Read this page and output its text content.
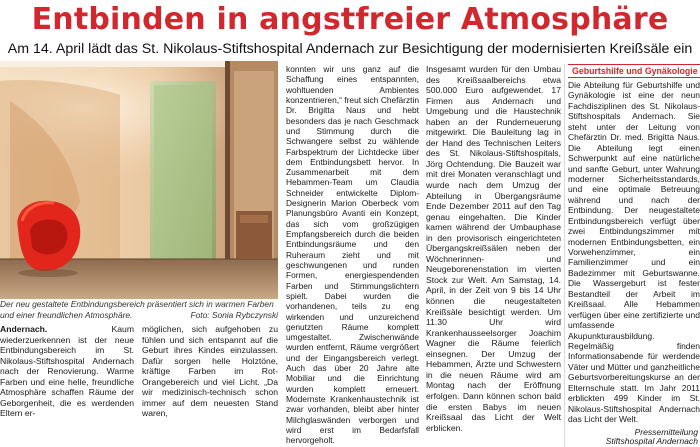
Entbinden in angstfreier Atmosphäre
Am 14. April lädt das St. Nikolaus-Stiftshospital Andernach zur Besichtigung der modernisierten Kreißsäle ein
Der neu gestaltete Entbindungsbereich präsentiert sich in warmen Farben und einer freundlichen Atmosphäre.	Foto: Sonia Rybczynski

Andernach.	Kaum wiederzuerkennen ist der neue Entbindungsbereich im St. Nikolaus-Stiftshospital Andernach nach der Renovierung. Warme Farben und eine helle, freundliche Atmosphäre schaffen Räume der Geborgenheit, die es werdenden Eltern er-

möglichen, sich aufgehoben zu fühlen und sich entspannt auf die Geburt ihres Kindes einzulassen. Dafür sorgen helle Holztöne, kräftige Farben im Rot-Orangebereich und viel Licht. „Da wir medizinisch-technisch schon immer auf dem neuesten Stand waren,

konnten wir uns ganz auf die Schaffung eines entspannten, wohltuenden Ambientes konzentrieren,“ freut sich Chefärztin Dr. Brigitta Naus und hebt besonders das je nach Geschmack und Stimmung durch die Schwangere selbst zu wählende Farbspektrum der Lichtdecke über dem Entbindungsbett hervor. In Zusammenarbeit mit dem Hebammen-Team um Claudia Schneider entwickelte Diplom-Designerin Marion Oberbeck vom Planungsbüro Avanti ein Konzept, das sich vom großzügigen Empfangsbereich durch die beiden Entbindungsräume und den Ruheraum zieht und mit geschwungenen und runden Formen, energiespendenden Farben und Stimmungslichtern spielt. Dabei wurden die vorhandenen, teils zu eng wirkenden und unzureichend genutzten Räume komplett umgestaltet. Zwischenwände wurden entfernt, Räume vergrößert und der Eingangsbereich verlegt. Auch das über 20 Jahre alte Mobiliar und die Einrichtung wurden komplett erneuert. Modernste Krankenhaustechnik ist zwar vorhanden, bleibt aber hinter Milchglaswänden verborgen und wird erst im Bedarfsfall hervorgeholt.

Insgesamt wurden für den Umbau des Kreißsaalbereichs etwa 500.000 Euro aufgewendet. 17 Firmen aus Andernach und Umgebung und die Haustechnik haben an der Runderneuerung mitgewirkt. Die Bauleitung lag in der Hand des Technischen Leiters des St. Nikolaus-Stiftshospitals, Jörg Ochtendung. Die Bauzeit war mit drei Monaten veranschlagt und wurde nach dem Umzug der Abteilung in Übergangsräume Ende Dezember 2011 auf den Tag genau eingehalten. Die Kinder kamen während der Umbauphase in den provisorisch eingerichteten Übergangskreißsälen neben der Wöchnerinnen- und Neugeborenenstation im vierten Stock zur Welt. Am Samstag, 14. April, in der Zeit von 9 bis 14 Uhr können die neugestalteten Kreißsäle besichtigt werden. Um 11.30 Uhr wird Krankenhausseelsorger Joachim Wagner die Räume feierlich einsegnen. Der Umzug der Hebammen, Ärzte und Schwestern in die neuen Räume wird am Montag nach der Eröffnung erfolgen. Dann können schon bald die ersten Babys im neuen Kreißsaal das Licht der Welt erblicken.

Geburtshilfe und Gynäkologie

Die Abteilung für Geburtshilfe und Gynäkologie ist eine der neun Fachdisziplinen des St. Nikolaus-Stiftshospitals Andernach. Sie steht unter der Leitung von Chefärztin Dr. med. Brigitta Naus. Die Abteilung legt einen Schwerpunkt auf eine natürliche und sanfte Geburt, unter Wahrung moderner Sicherheitsstandards, und eine optimale Betreuung während und nach der Entbindung. Der neugestaltete Entbindungsbereich verfügt über zwei Entbindungszimmer mit modernen Entbindungsbetten, ein Vorwehenzimmer, ein Familienzimmer und ein Badezimmer mit Geburtswanne. Die Wassergeburt ist fester Bestandteil der Arbeit im Kreißsaal. Alle Hebammen verfügen über eine zertifizierte und umfassende Akupunkturausbildung. Regelmäßig finden Informationsabende für werdende Väter und Mütter und ganzheitliche Geburtsvorbereitungskurse an der Elternschule statt. Im Jahr 2011 erblickten 499 Kinder im St. Nikolaus-Stiftshospital Andernach das Licht der Welt.

Pressemitteilung
Stiftshospital Andernach
